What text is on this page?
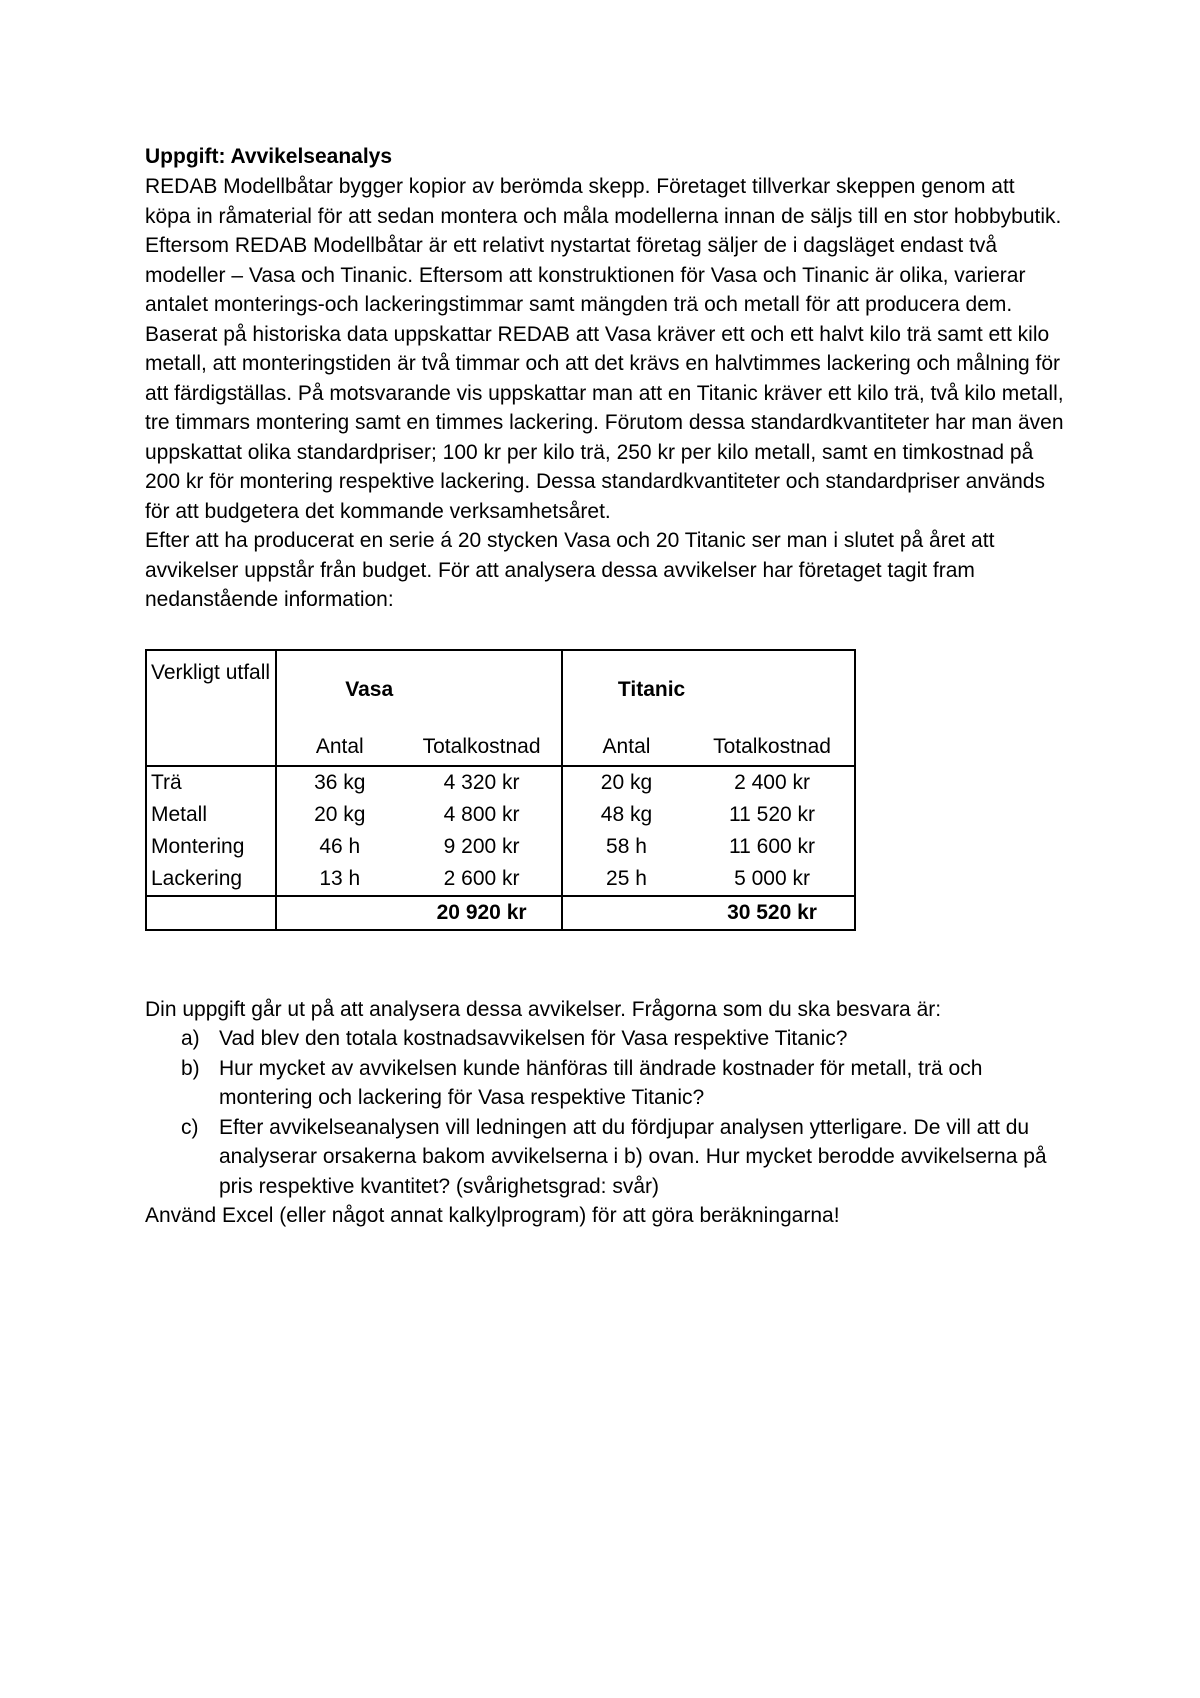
Uppgift: Avvikelseanalys

REDAB Modellbåtar bygger kopior av berömda skepp. Företaget tillverkar skeppen genom att köpa in råmaterial för att sedan montera och måla modellerna innan de säljs till en stor hobbybutik.

Eftersom REDAB Modellbåtar är ett relativt nystartat företag säljer de i dagsläget endast två modeller – Vasa och Tinanic. Eftersom att konstruktionen för Vasa och Tinanic är olika, varierar antalet monterings-och lackeringstimmar samt mängden trä och metall för att producera dem. Baserat på historiska data uppskattar REDAB att Vasa kräver ett och ett halvt kilo trä samt ett kilo metall, att monteringstiden är två timmar och att det krävs en halvtimmes lackering och målning för att färdigställas. På motsvarande vis uppskattar man att en Titanic kräver ett kilo trä, två kilo metall, tre timmars montering samt en timmes lackering. Förutom dessa standardkvantiteter har man även uppskattat olika standardpriser; 100 kr per kilo trä, 250 kr per kilo metall, samt en timkostnad på 200 kr för montering respektive lackering. Dessa standardkvantiteter och standardpriser används för att budgetera det kommande verksamhetsåret.

Efter att ha producerat en serie á 20 stycken Vasa och 20 Titanic ser man i slutet på året att avvikelser uppstår från budget. För att analysera dessa avvikelser har företaget tagit fram nedanstående information:

Verkligt utfall	Vasa		Titanic	
	Antal	Totalkostnad	Antal	Totalkostnad
Trä	36 kg	4 320 kr	20 kg	2 400 kr
Metall	20 kg	4 800 kr	48 kg	11 520 kr
Montering	46 h	9 200 kr	58 h	11 600 kr
Lackering	13 h	2 600 kr	25 h	5 000 kr
		20 920 kr		30 520 kr

Din uppgift går ut på att analysera dessa avvikelser. Frågorna som du ska besvara är:

a) Vad blev den totala kostnadsavvikelsen för Vasa respektive Titanic?
b) Hur mycket av avvikelsen kunde hänföras till ändrade kostnader för metall, trä och montering och lackering för Vasa respektive Titanic?
c) Efter avvikelseanalysen vill ledningen att du fördjupar analysen ytterligare. De vill att du analyserar orsakerna bakom avvikelserna i b) ovan. Hur mycket berodde avvikelserna på pris respektive kvantitet? (svårighetsgrad: svår)

Använd Excel (eller något annat kalkylprogram) för att göra beräkningarna!
